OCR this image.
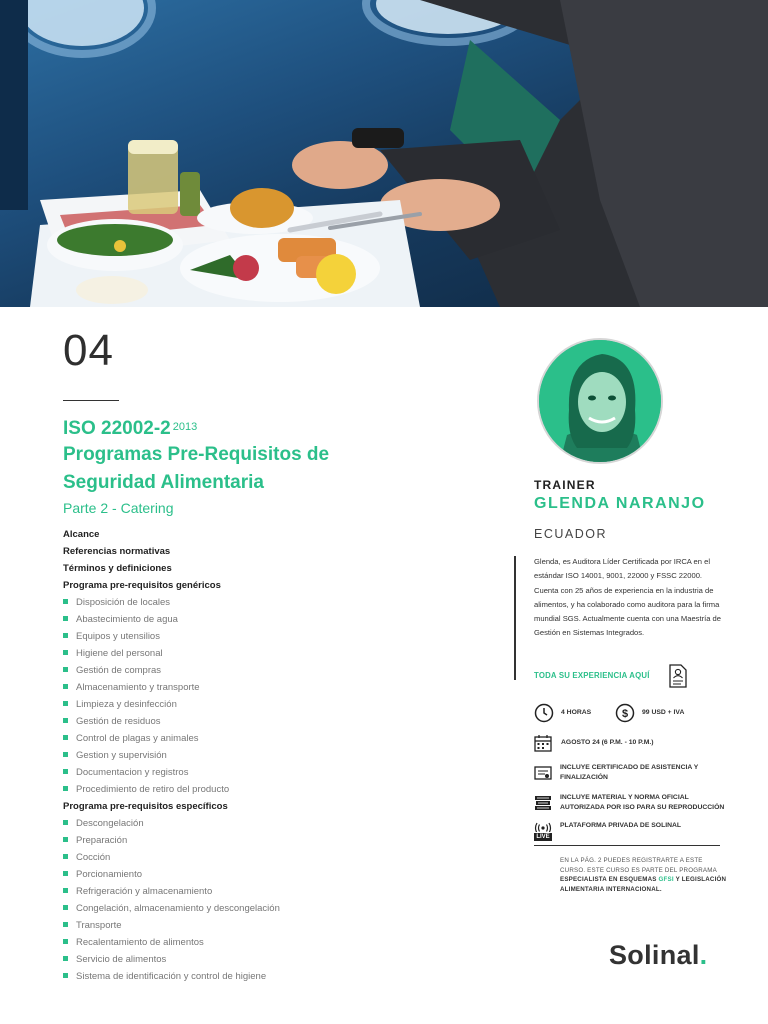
04
ISO 22002-2 $^{2013}$
Programas Pre-Requisitos de
Seguridad Alimentaria
Parte 2 - Catering
Alcance
Referencias normativas
Términos y definiciones
Programa pre-requisitos genéricos
Disposición de locales
Abastecimiento de agua
Equipos y utensilios
Higiene del personal
Gestión de compras
Almacenamiento y transporte
Limpieza y desinfección
Gestión de residuos
Control de plagas y animales
Gestion y supervisión
Documentacion y registros
Procedimiento de retiro del producto
Programa pre-requisitos específicos
Descongelación
Preparación
Cocción
Porcionamiento
Refrigeración y almacenamiento
Congelación, almacenamiento y descongelación
Transporte
Recalentamiento de alimentos
Servicio de alimentos
Sistema de identificación y control de higiene
TRAINER
GLENDA NARANJO
ECUADOR
Glenda, es Auditora Líder Certificada por IRCA en el estándar ISO 14001, 9001, 22000 y FSSC 22000. Cuenta con 25 años de experiencia en la industria de alimentos, y ha colaborado como auditora para la firma mundial SGS. Actualmente cuenta con una Maestría de Gestión en Sistemas Integrados.
TODA SU EXPERIENCIA AQUÍ
4 HORAS	$ 99 USD + IVA
AGOSTO 24 (6 P.M. - 10 P.M.)
INCLUYE CERTIFICADO DE ASISTENCIA Y FINALIZACIÓN
INCLUYE MATERIAL Y NORMA OFICIAL AUTORIZADA POR ISO PARA SU REPRODUCCIÓN
LIVE
PLATAFORMA PRIVADA DE SOLINAL
EN LA PÁG. 2 PUEDES REGISTRARTE A ESTE CURSO. ESTE CURSO ES PARTE DEL PROGRAMA ESPECIALISTA EN ESQUEMAS GFSI Y LEGISLACIÓN ALIMENTARIA INTERNACIONAL.
Solinal.
